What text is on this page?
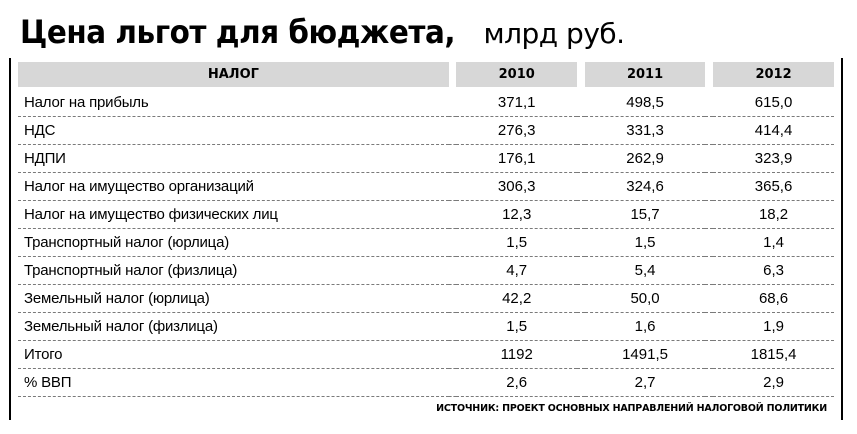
Цена льгот для бюджета, млрд руб.
НАЛОГ		2010		2011		2012
Налог на прибыль		371,1		498,5		615,0
НДС		276,3		331,3		414,4
НДПИ		176,1		262,9		323,9
Налог на имущество организаций		306,3		324,6		365,6
Налог на имущество физических лиц		12,3		15,7		18,2
Транспортный налог (юрлица)		1,5		1,5		1,4
Транспортный налог (физлица)		4,7		5,4		6,3
Земельный налог (юрлица)		42,2		50,0		68,6
Земельный налог (физлица)		1,5		1,6		1,9
Итого		1192		1491,5		1815,4
% ВВП		2,6		2,7		2,9
ИСТОЧНИК: ПРОЕКТ ОСНОВНЫХ НАПРАВЛЕНИЙ НАЛОГОВОЙ ПОЛИТИКИ
